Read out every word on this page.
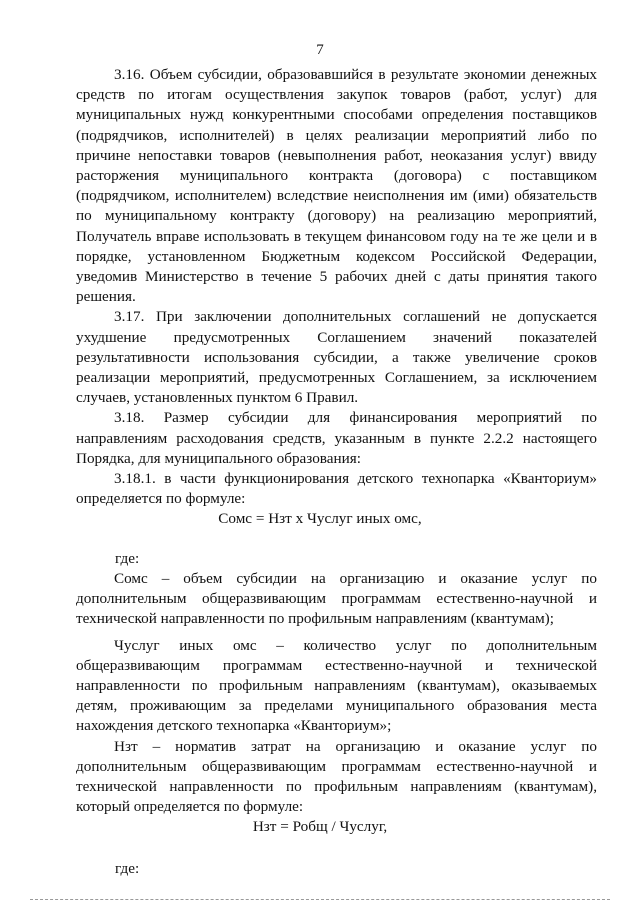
7

3.16. Объем субсидии, образовавшийся в результате экономии денежных средств по итогам осуществления закупок товаров (работ, услуг) для муниципальных нужд конкурентными способами определения поставщиков (подрядчиков, исполнителей) в целях реализации мероприятий либо по причине непоставки товаров (невыполнения работ, неоказания услуг) ввиду расторжения муниципального контракта (договора) с поставщиком (подрядчиком, исполнителем) вследствие неисполнения им (ими) обязательств по муниципальному контракту (договору) на реализацию мероприятий, Получатель вправе использовать в текущем финансовом году на те же цели и в порядке, установленном Бюджетным кодексом Российской Федерации, уведомив Министерство в течение 5 рабочих дней с даты принятия такого решения.

3.17. При заключении дополнительных соглашений не допускается ухудшение предусмотренных Соглашением значений показателей результативности использования субсидии, а также увеличение сроков реализации мероприятий, предусмотренных Соглашением, за исключением случаев, установленных пунктом 6 Правил.

3.18. Размер субсидии для финансирования мероприятий по направлениям расходования средств, указанным в пункте 2.2.2 настоящего Порядка, для муниципального образования:

3.18.1. в части функционирования детского технопарка «Кванториум» определяется по формуле:

Сомс = Нзт х Чуслуг иных омс,
где:

Сомс – объем субсидии на организацию и оказание услуг по дополнительным общеразвивающим программам естественно-научной и технической направленности по профильным направлениям (квантумам);

Чуслуг иных омс – количество услуг по дополнительным общеразвивающим программам естественно-научной и технической направленности по профильным направлениям (квантумам), оказываемых детям, проживающим за пределами муниципального образования места нахождения детского технопарка «Кванториум»;

Нзт – норматив затрат на организацию и оказание услуг по дополнительным общеразвивающим программам естественно-научной и технической направленности по профильным направлениям (квантумам), который определяется по формуле:

Нзт = Робщ / Чуслуг,
где:
